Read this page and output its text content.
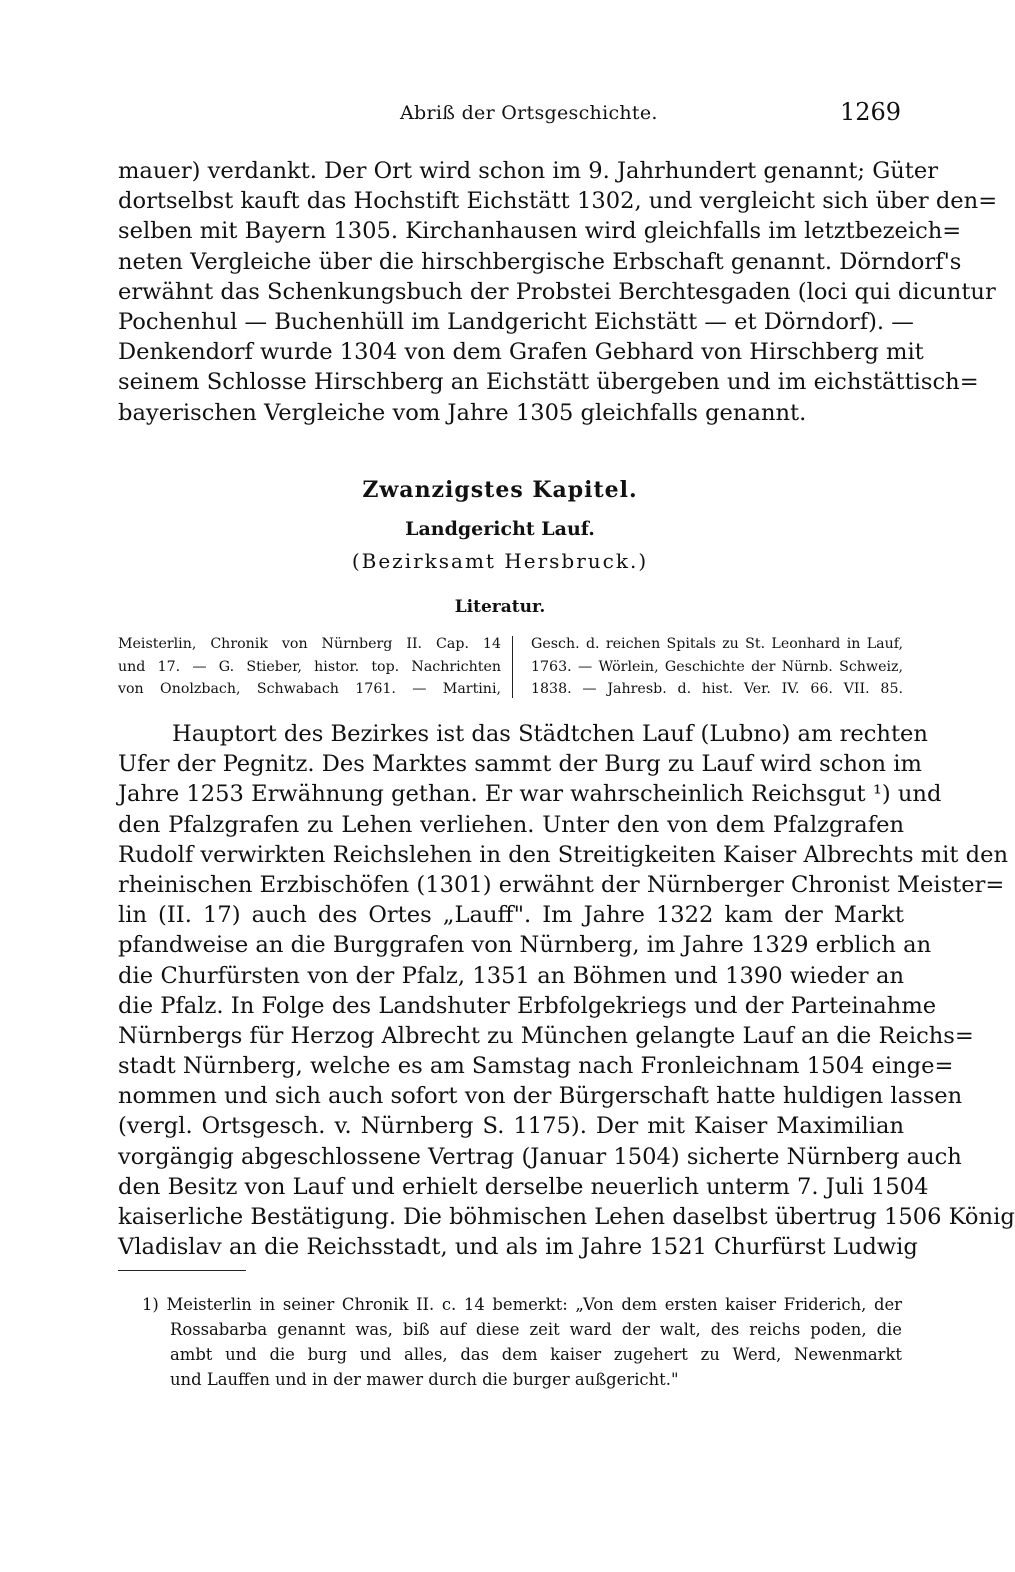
Abriß der Ortsgeschichte.	1269
mauer) verdankt. Der Ort wird schon im 9. Jahrhundert genannt; Güter
dortselbst kauft das Hochstift Eichstätt 1302, und vergleicht sich über den=
selben mit Bayern 1305. Kirchanhausen wird gleichfalls im letztbezeich=
neten Vergleiche über die hirschbergische Erbschaft genannt. Dörndorf's
erwähnt das Schenkungsbuch der Probstei Berchtesgaden (loci qui dicuntur
Pochenhul — Buchenhüll im Landgericht Eichstätt — et Dörndorf). —
Denkendorf wurde 1304 von dem Grafen Gebhard von Hirschberg mit
seinem Schlosse Hirschberg an Eichstätt übergeben und im eichstättisch=
bayerischen Vergleiche vom Jahre 1305 gleichfalls genannt.
Zwanzigstes Kapitel.
Landgericht Lauf.
(Bezirksamt Hersbruck.)
Literatur.
Meisterlin, Chronik von Nürnberg II. Cap. 14
und 17. — G. Stieber, histor. top. Nachrichten
von Onolzbach, Schwabach 1761. — Martini,
Gesch. d. reichen Spitals zu St. Leonhard in Lauf,
1763. — Wörlein, Geschichte der Nürnb. Schweiz,
1838. — Jahresb. d. hist. Ver. IV. 66. VII. 85.
Hauptort des Bezirkes ist das Städtchen Lauf (Lubno) am rechten
Ufer der Pegnitz. Des Marktes sammt der Burg zu Lauf wird schon im
Jahre 1253 Erwähnung gethan. Er war wahrscheinlich Reichsgut ¹) und
den Pfalzgrafen zu Lehen verliehen. Unter den von dem Pfalzgrafen
Rudolf verwirkten Reichslehen in den Streitigkeiten Kaiser Albrechts mit den
rheinischen Erzbischöfen (1301) erwähnt der Nürnberger Chronist Meister=
lin (II. 17) auch des Ortes „Lauff". Im Jahre 1322 kam der Markt
pfandweise an die Burggrafen von Nürnberg, im Jahre 1329 erblich an
die Churfürsten von der Pfalz, 1351 an Böhmen und 1390 wieder an
die Pfalz. In Folge des Landshuter Erbfolgekriegs und der Parteinahme
Nürnbergs für Herzog Albrecht zu München gelangte Lauf an die Reichs=
stadt Nürnberg, welche es am Samstag nach Fronleichnam 1504 einge=
nommen und sich auch sofort von der Bürgerschaft hatte huldigen lassen
(vergl. Ortsgesch. v. Nürnberg S. 1175). Der mit Kaiser Maximilian
vorgängig abgeschlossene Vertrag (Januar 1504) sicherte Nürnberg auch
den Besitz von Lauf und erhielt derselbe neuerlich unterm 7. Juli 1504
kaiserliche Bestätigung. Die böhmischen Lehen daselbst übertrug 1506 König
Vladislav an die Reichsstadt, und als im Jahre 1521 Churfürst Ludwig
1) Meisterlin in seiner Chronik II. c. 14 bemerkt: „Von dem ersten kaiser Friderich, der
Rossabarba genannt was, biß auf diese zeit ward der walt, des reichs poden, die
ambt und die burg und alles, das dem kaiser zugehert zu Werd, Newenmarkt
und Lauffen und in der mawer durch die burger außgericht."
